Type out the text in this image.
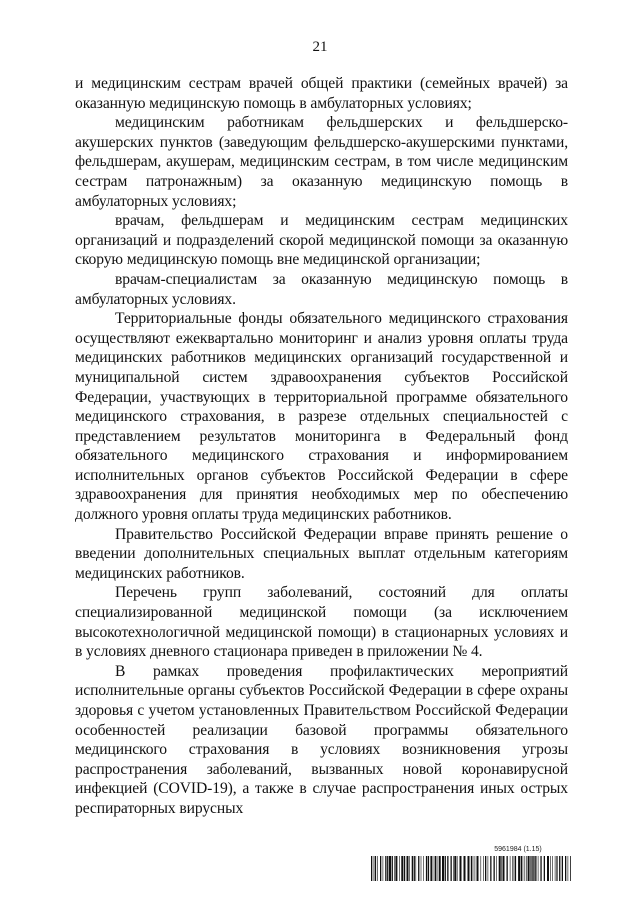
21

и медицинским сестрам врачей общей практики (семейных врачей) за оказанную медицинскую помощь в амбулаторных условиях;

медицинским работникам фельдшерских и фельдшерско-акушерских пунктов (заведующим фельдшерско-акушерскими пунктами, фельдшерам, акушерам, медицинским сестрам, в том числе медицинским сестрам патронажным) за оказанную медицинскую помощь в амбулаторных условиях;

врачам, фельдшерам и медицинским сестрам медицинских организаций и подразделений скорой медицинской помощи за оказанную скорую медицинскую помощь вне медицинской организации;

врачам-специалистам за оказанную медицинскую помощь в амбулаторных условиях.

Территориальные фонды обязательного медицинского страхования осуществляют ежеквартально мониторинг и анализ уровня оплаты труда медицинских работников медицинских организаций государственной и муниципальной систем здравоохранения субъектов Российской Федерации, участвующих в территориальной программе обязательного медицинского страхования, в разрезе отдельных специальностей с представлением результатов мониторинга в Федеральный фонд обязательного медицинского страхования и информированием исполнительных органов субъектов Российской Федерации в сфере здравоохранения для принятия необходимых мер по обеспечению должного уровня оплаты труда медицинских работников.

Правительство Российской Федерации вправе принять решение о введении дополнительных специальных выплат отдельным категориям медицинских работников.

Перечень групп заболеваний, состояний для оплаты специализированной медицинской помощи (за исключением высокотехнологичной медицинской помощи) в стационарных условиях и в условиях дневного стационара приведен в приложении № 4.

В рамках проведения профилактических мероприятий исполнительные органы субъектов Российской Федерации в сфере охраны здоровья с учетом установленных Правительством Российской Федерации особенностей реализации базовой программы обязательного медицинского страхования в условиях возникновения угрозы распространения заболеваний, вызванных новой коронавирусной инфекцией (COVID-19), а также в случае распространения иных острых респираторных вирусных

5961984 (1.15)
